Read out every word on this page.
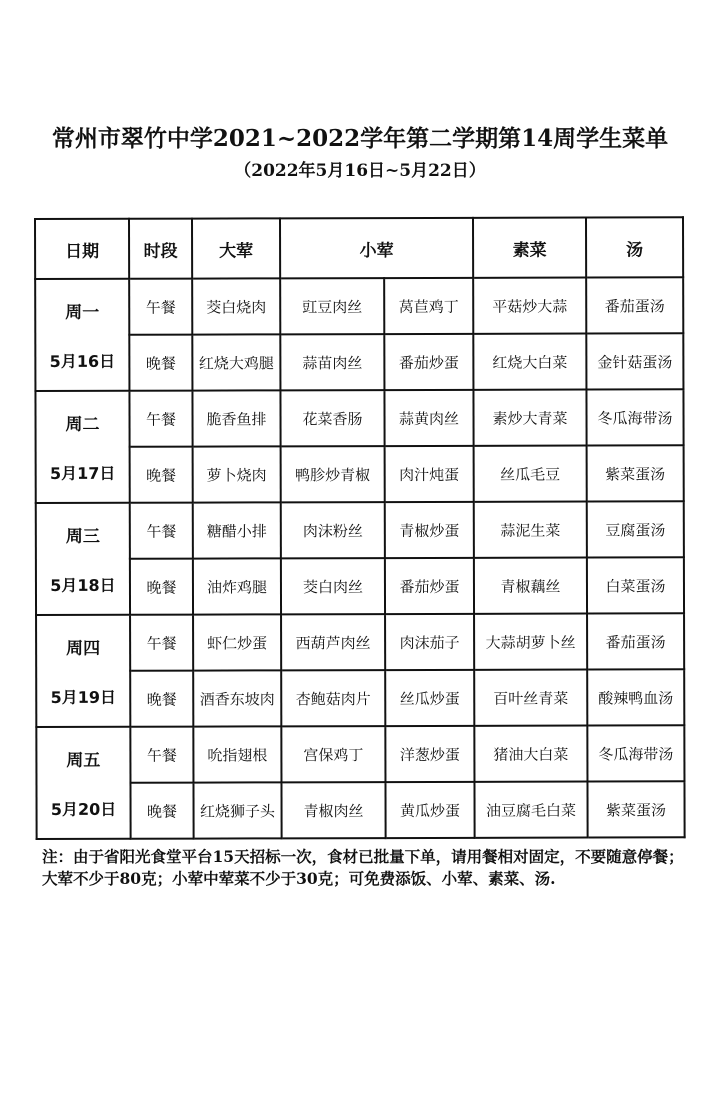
常州市翠竹中学2021~2022学年第二学期第14周学生菜单
（2022年5月16日~5月22日）
日期	时段	大荤	小荤		素菜	汤

周一
5月16日	午餐	茭白烧肉	豇豆肉丝	莴苣鸡丁	平菇炒大蒜	番茄蛋汤
	晚餐	红烧大鸡腿	蒜苗肉丝	番茄炒蛋	红烧大白菜	金针菇蛋汤

周二
5月17日	午餐	脆香鱼排	花菜香肠	蒜黄肉丝	素炒大青菜	冬瓜海带汤
	晚餐	萝卜烧肉	鸭胗炒青椒	肉汁炖蛋	丝瓜毛豆	紫菜蛋汤

周三
5月18日	午餐	糖醋小排	肉沫粉丝	青椒炒蛋	蒜泥生菜	豆腐蛋汤
	晚餐	油炸鸡腿	茭白肉丝	番茄炒蛋	青椒藕丝	白菜蛋汤

周四
5月19日	午餐	虾仁炒蛋	西葫芦肉丝	肉沫茄子	大蒜胡萝卜丝	番茄蛋汤
	晚餐	酒香东坡肉	杏鲍菇肉片	丝瓜炒蛋	百叶丝青菜	酸辣鸭血汤

周五
5月20日	午餐	吮指翅根	宫保鸡丁	洋葱炒蛋	猪油大白菜	冬瓜海带汤
	晚餐	红烧狮子头	青椒肉丝	黄瓜炒蛋	油豆腐毛白菜	紫菜蛋汤
注：由于省阳光食堂平台15天招标一次，食材已批量下单，请用餐相对固定，不要随意停餐；大荤不少于80克；小荤中荤菜不少于30克；可免费添饭、小荤、素菜、汤.
